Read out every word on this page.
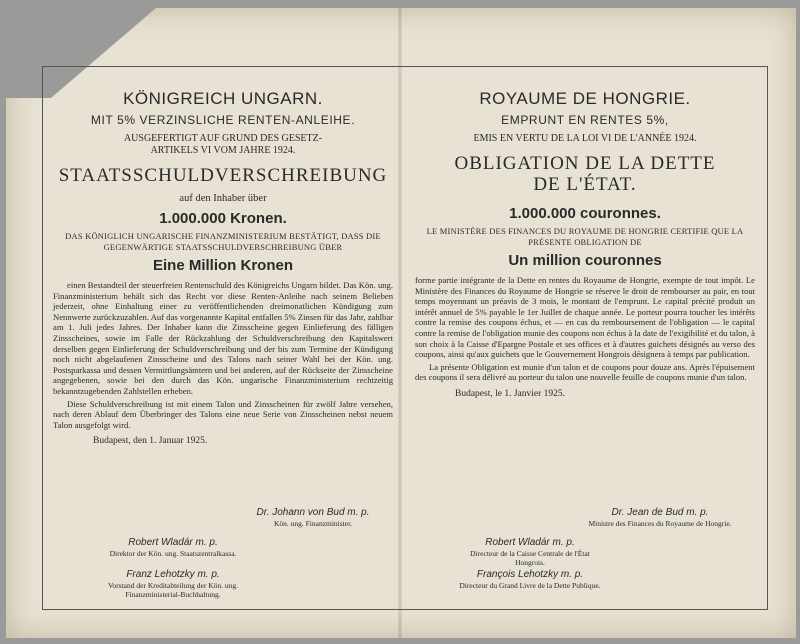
KÖNIGREICH UNGARN.
MIT 5% VERZINSLICHE RENTEN-ANLEIHE.
AUSGEFERTIGT AUF GRUND DES GESETZ-ARTIKELS VI VOM JAHRE 1924.
STAATSSCHULDVERSCHREIBUNG
auf den Inhaber über
1.000.000 Kronen.
DAS KÖNIGLICH UNGARISCHE FINANZMINISTERIUM BESTÄTIGT, DASS DIE GEGENWÄRTIGE STAATSSCHULDVERSCHREIBUNG ÜBER
Eine Million Kronen
einen Bestandteil der steuerfreien Rentenschuld des Königreichs Ungarn bildet. Das Kön. ung. Finanzministerium behält sich das Recht vor diese Renten-Anleihe nach seinem Belieben jederzeit, ohne Einhaltung einer zu veröffentlichenden dreimonatlichen Kündigung zum Nennwerte zurückzuzahlen. Auf das vorgenannte Kapital entfallen 5% Zinsen für das Jahr, zahlbar am 1. Juli jedes Jahres. Der Inhaber kann die Zinsscheine gegen Einlieferung des fälligen Zinsscheines, sowie im Falle der Rückzahlung der Schuldverschreibung den Kapitalswert derselben gegen Einlieferung der Schuldverschreibung und der bis zum Termine der Kündigung noch nicht abgelaufenen Zinsscheine und des Talons nach seiner Wahl bei der Kön. ung. Postsparkassa und dessen Vermittlungsämtern und bei anderen, auf der Rückseite der Zinsscheine angegebenen, sowie bei den durch das Kön. ungarische Finanzministerium rechtzeitig bekanntzugebenden Zahlstellen erheben.
Diese Schuldverschreibung ist mit einem Talon und Zinsscheinen für zwölf Jahre versehen, nach deren Ablauf dem Überbringer des Talons eine neue Serie von Zinsscheinen nebst neuem Talon ausgefolgt wird.
Budapest, den 1. Januar 1925.
Dr. Johann von Bud m. p.
Kön. ung. Finanzminister.
Robert Wladár m. p.
Direktor der Kön. ung. Staatszentralkassa.
Franz Lehotzky m. p.
Vorstand der Kreditabteilung der Kön. ung. Finanzministerial-Buchhaltung.
ROYAUME DE HONGRIE.
EMPRUNT EN RENTES 5%,
EMIS EN VERTU DE LA LOI VI DE L'ANNÉE 1924.
OBLIGATION DE LA DETTE DE L'ÉTAT.
1.000.000 couronnes.
LE MINISTÈRE DES FINANCES DU ROYAUME DE HONGRIE CERTIFIE QUE LA PRÉSENTE OBLIGATION DE
Un million couronnes
forme partie intégrante de la Dette en rentes du Royaume de Hongrie, exempte de tout impôt. Le Ministère des Finances du Royaume de Hongrie se réserve le droit de rembourser au pair, en tout temps moyennant un préavis de 3 mois, le montant de l'emprunt. Le capital précité produit un intérêt annuel de 5% payable le 1er Juillet de chaque année. Le porteur pourra toucher les intérêts contre la remise des coupons échus, et — en cas du remboursement de l'obligation — le capital contre la remise de l'obligation munie des coupons non échus à la date de l'exigibilité et du talon, à son choix à la Caisse d'Epargne Postale et ses offices et à d'autres guichets désignés au verso des coupons, ainsi qu'aux guichets que le Gouvernement Hongrois désignera à temps par publication.
La présente Obligation est munie d'un talon et de coupons pour douze ans. Après l'épuisement des coupons il sera délivré au porteur du talon une nouvelle feuille de coupons munie d'un talon.
Budapest, le 1. Janvier 1925.
Dr. Jean de Bud m. p.
Ministre des Finances du Royaume de Hongrie.
Robert Wladár m. p.
Directeur de la Caisse Centrale de l'État Hongrois.
François Lehotzky m. p.
Directeur du Grand Livre de la Dette Publique.
